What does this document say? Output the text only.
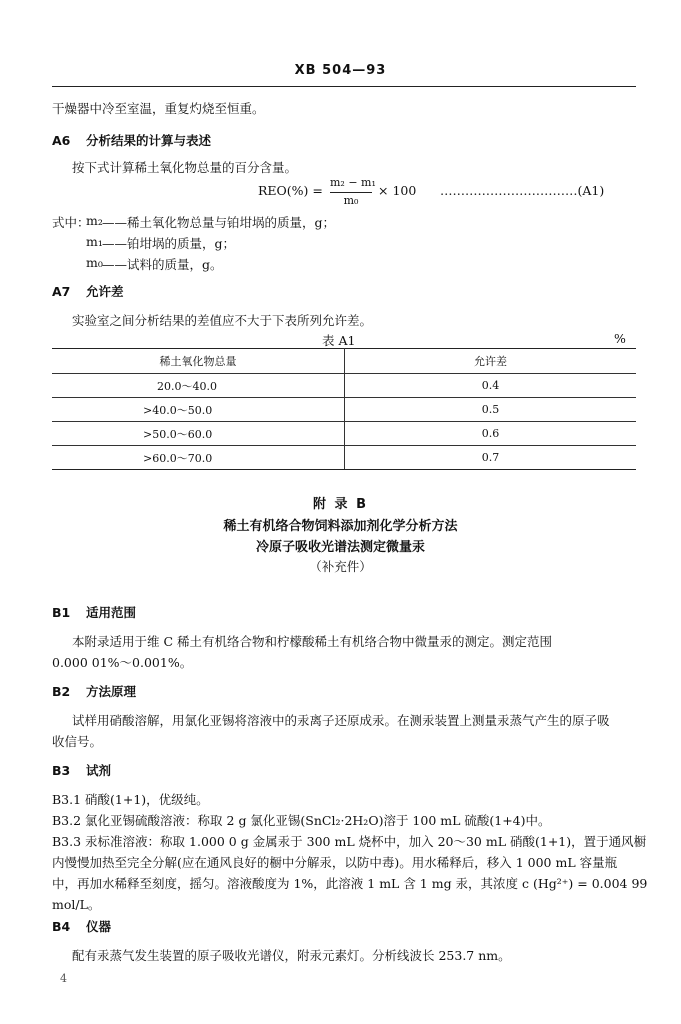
XB 504—93
干燥器中冷至室温，重复灼烧至恒重。
A6 分析结果的计算与表述
按下式计算稀土氧化物总量的百分含量。
REO(%) =
m₂ − m₁
m₀
× 100 ……………………………(A1)
式中：
m₂ ——稀土氧化物总量与铂坩埚的质量，g；
m₁ ——铂坩埚的质量，g；
m₀ ——试料的质量，g。
A7 允许差
实验室之间分析结果的差值应不大于下表所列允许差。
表 A1	%
稀土氧化物总量	允许差
20.0～40.0	0.4
>40.0～50.0	0.5
>50.0～60.0	0.6
>60.0～70.0	0.7
附 录 B
稀土有机络合物饲料添加剂化学分析方法
冷原子吸收光谱法测定微量汞
（补充件）
B1 适用范围
本附录适用于维 C 稀土有机络合物和柠檬酸稀土有机络合物中微量汞的测定。测定范围
0.000 01%～0.001%。
B2 方法原理
试样用硝酸溶解，用氯化亚锡将溶液中的汞离子还原成汞。在测汞装置上测量汞蒸气产生的原子吸
收信号。
B3 试剂
B3.1 硝酸(1+1)，优级纯。
B3.2 氯化亚锡硫酸溶液：称取 2 g 氯化亚锡(SnCl₂·2H₂O)溶于 100 mL 硫酸(1+4)中。
B3.3 汞标准溶液：称取 1.000 0 g 金属汞于 300 mL 烧杯中，加入 20～30 mL 硝酸(1+1)，置于通风橱
内慢慢加热至完全分解(应在通风良好的橱中分解汞，以防中毒)。用水稀释后，移入 1 000 mL 容量瓶
中，再加水稀释至刻度，摇匀。溶液酸度为 1%，此溶液 1 mL 含 1 mg 汞，其浓度 c (Hg²⁺) = 0.004 99
mol/L。
B4 仪器
配有汞蒸气发生装置的原子吸收光谱仪，附汞元素灯。分析线波长 253.7 nm。
4
